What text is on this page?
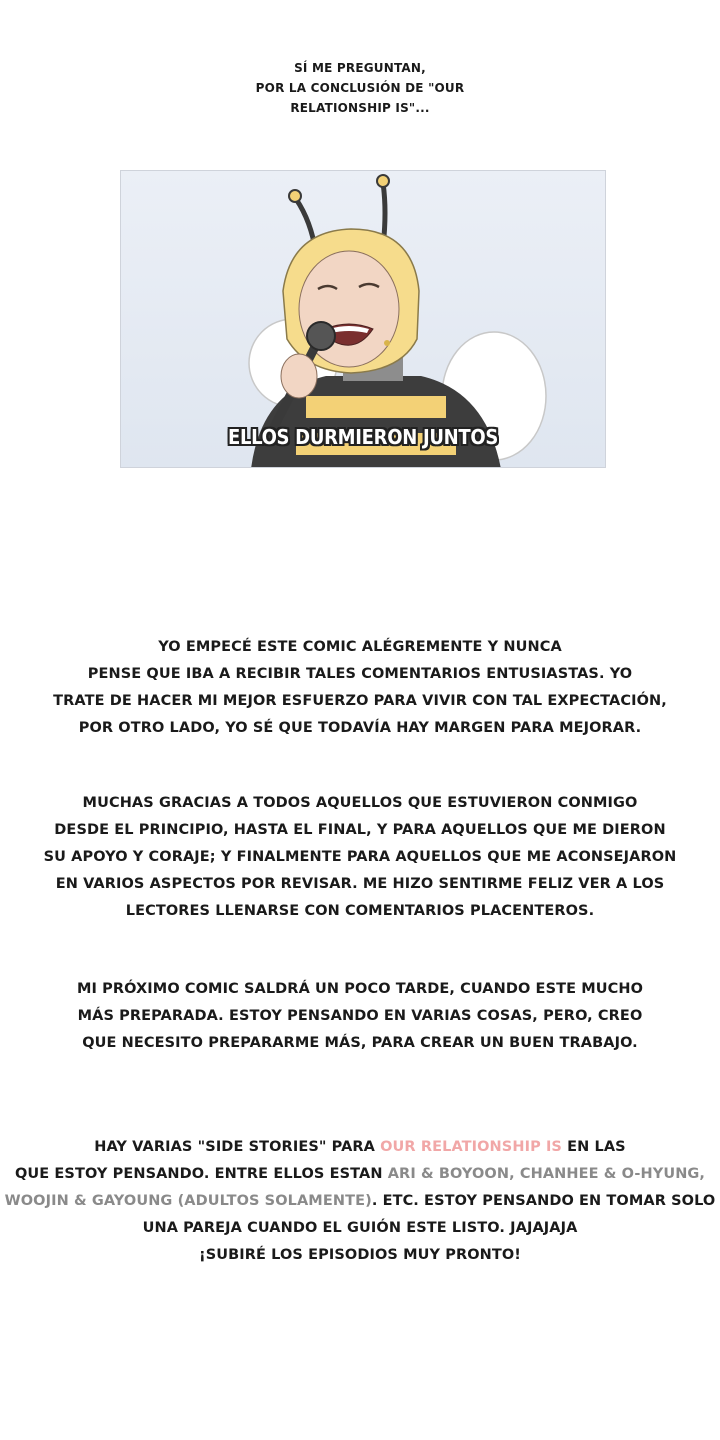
SÍ ME PREGUNTAN,
POR LA CONCLUSIÓN DE "OUR
RELATIONSHIP IS"...
ELLOS DURMIERON JUNTOS
YO EMPECÉ ESTE COMIC ALÉGREMENTE Y NUNCA
PENSE QUE IBA A RECIBIR TALES COMENTARIOS ENTUSIASTAS. YO
TRATE DE HACER MI MEJOR ESFUERZO PARA VIVIR CON TAL EXPECTACIÓN,
POR OTRO LADO, YO SÉ QUE TODAVÍA HAY MARGEN PARA MEJORAR.
MUCHAS GRACIAS A TODOS AQUELLOS QUE ESTUVIERON CONMIGO
DESDE EL PRINCIPIO, HASTA EL FINAL, Y PARA AQUELLOS QUE ME DIERON
SU APOYO Y CORAJE; Y FINALMENTE PARA AQUELLOS QUE ME ACONSEJARON
EN VARIOS ASPECTOS POR REVISAR. ME HIZO SENTIRME FELIZ VER A LOS
LECTORES LLENARSE CON COMENTARIOS PLACENTEROS.
MI PRÓXIMO COMIC SALDRÁ UN POCO TARDE, CUANDO ESTE MUCHO
MÁS PREPARADA. ESTOY PENSANDO EN VARIAS COSAS, PERO, CREO
QUE NECESITO PREPARARME MÁS, PARA CREAR UN BUEN TRABAJO.
HAY VARIAS "SIDE STORIES" PARA OUR RELATIONSHIP IS EN LAS
QUE ESTOY PENSANDO. ENTRE ELLOS ESTAN ARI & BOYOON, CHANHEE & O-HYUNG,
WOOJIN & GAYOUNG (ADULTOS SOLAMENTE). ETC. ESTOY PENSANDO EN TOMAR SOLO
UNA PAREJA CUANDO EL GUIÓN ESTE LISTO. JAJAJAJA
¡SUBIRÉ LOS EPISODIOS MUY PRONTO!
